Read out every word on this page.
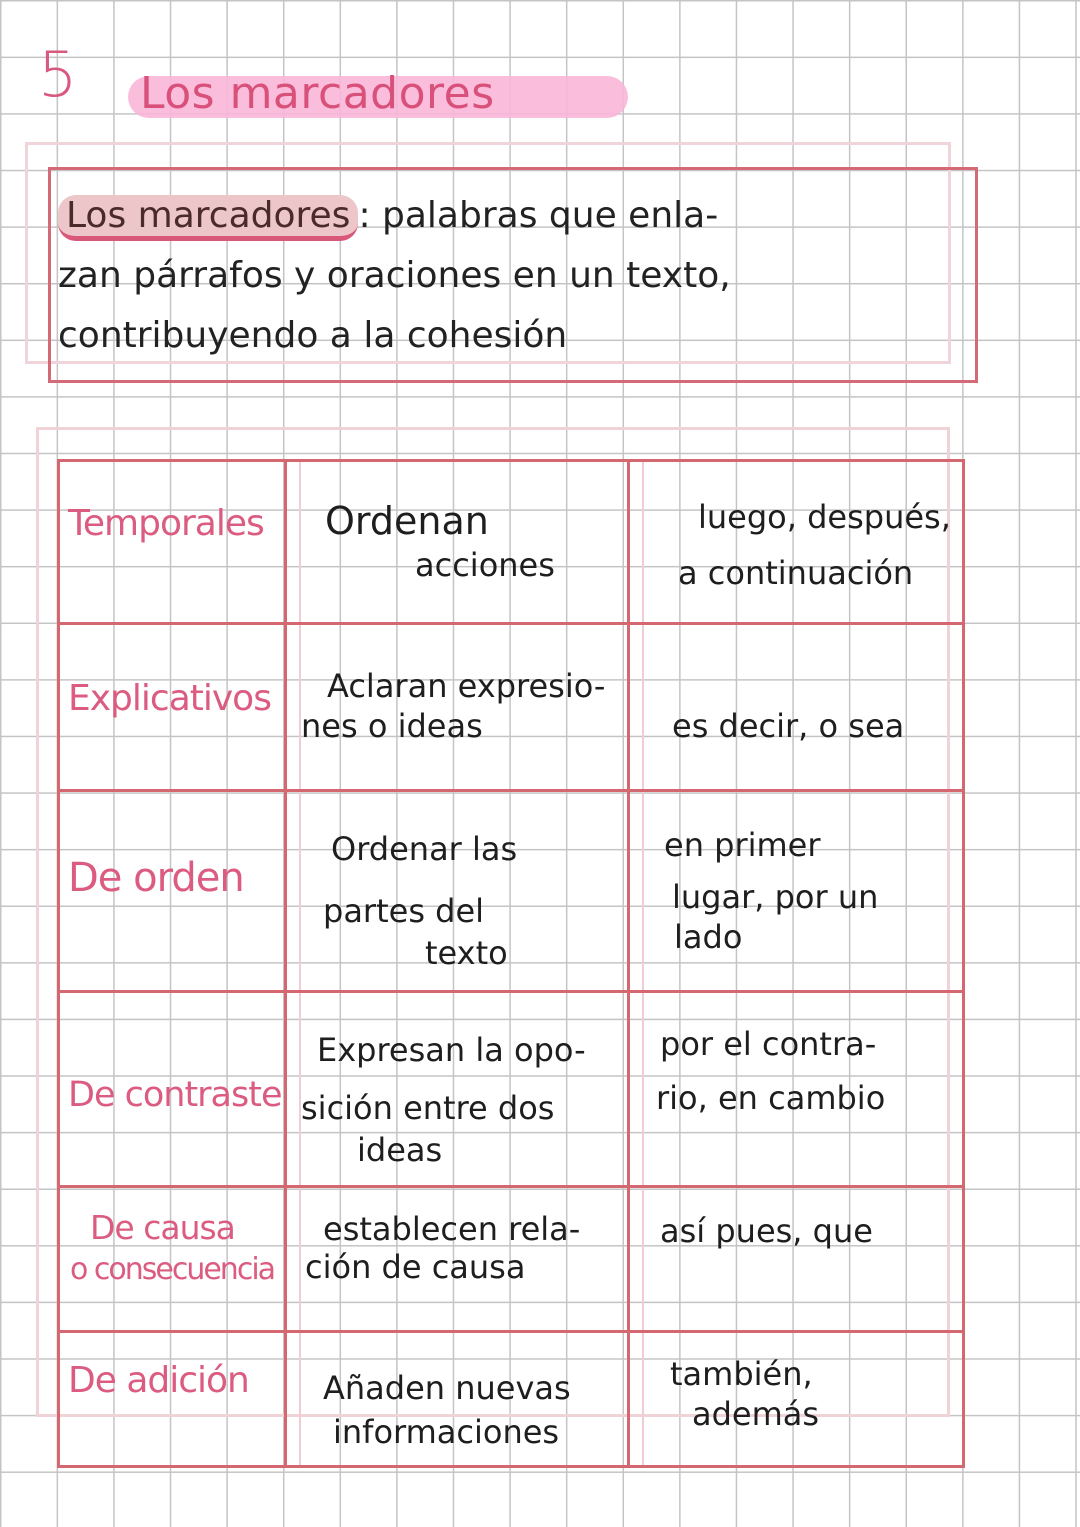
5 Los marcadores
Los marcadores : palabras que enla-
zan párrafos y oraciones en un texto,
contribuyendo a la cohesión
Temporales Ordenan
acciones
luego, después,
a continuación
Explicativos Aclaran expresio-
nes o ideas	es decir, o sea
De orden
Ordenar las
partes del
texto
en primer
lugar, por un
lado
De contraste
Expresan la opo-
sición entre dos
ideas
por el contra-
rio, en cambio
De causa
o consecuencia
establecen rela-
ción de causa
así pues, que
De adición Añaden nuevas
informaciones
también,
además
